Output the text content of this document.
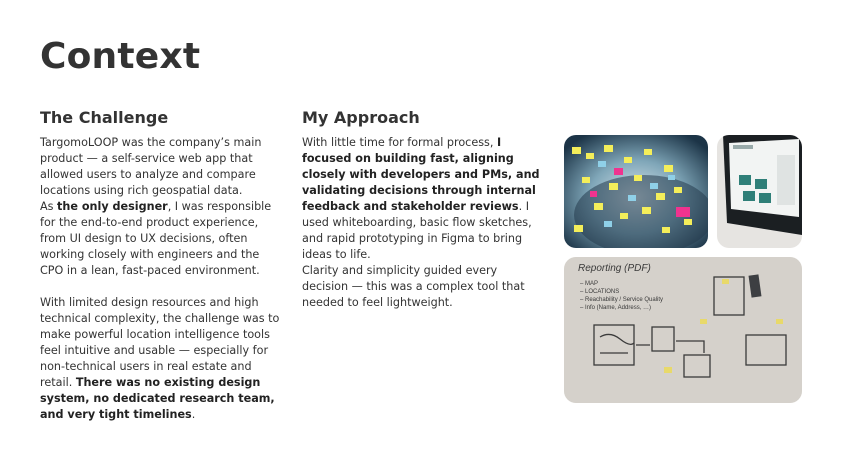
Context
The Challenge

TargomoLOOP was the company’s main product — a self-service web app that allowed users to analyze and compare locations using rich geospatial data.
As the only designer, I was responsible for the end-to-end product experience, from UI design to UX decisions, often working closely with engineers and the CPO in a lean, fast-paced environment.

With limited design resources and high technical complexity, the challenge was to make powerful location intelligence tools feel intuitive and usable — especially for non-technical users in real estate and retail. There was no existing design system, no dedicated research team, and very tight timelines.

My Approach

With little time for formal process, I focused on building fast, aligning closely with developers and PMs, and validating decisions through internal feedback and stakeholder reviews. I used whiteboarding, basic flow sketches, and rapid prototyping in Figma to bring ideas to life.

Clarity and simplicity guided every decision — this was a complex tool that needed to feel lightweight.

Reporting (PDF)
– MAP
– LOCATIONS
– Reachability / Service Quality
– Info (Name, Address, …)
